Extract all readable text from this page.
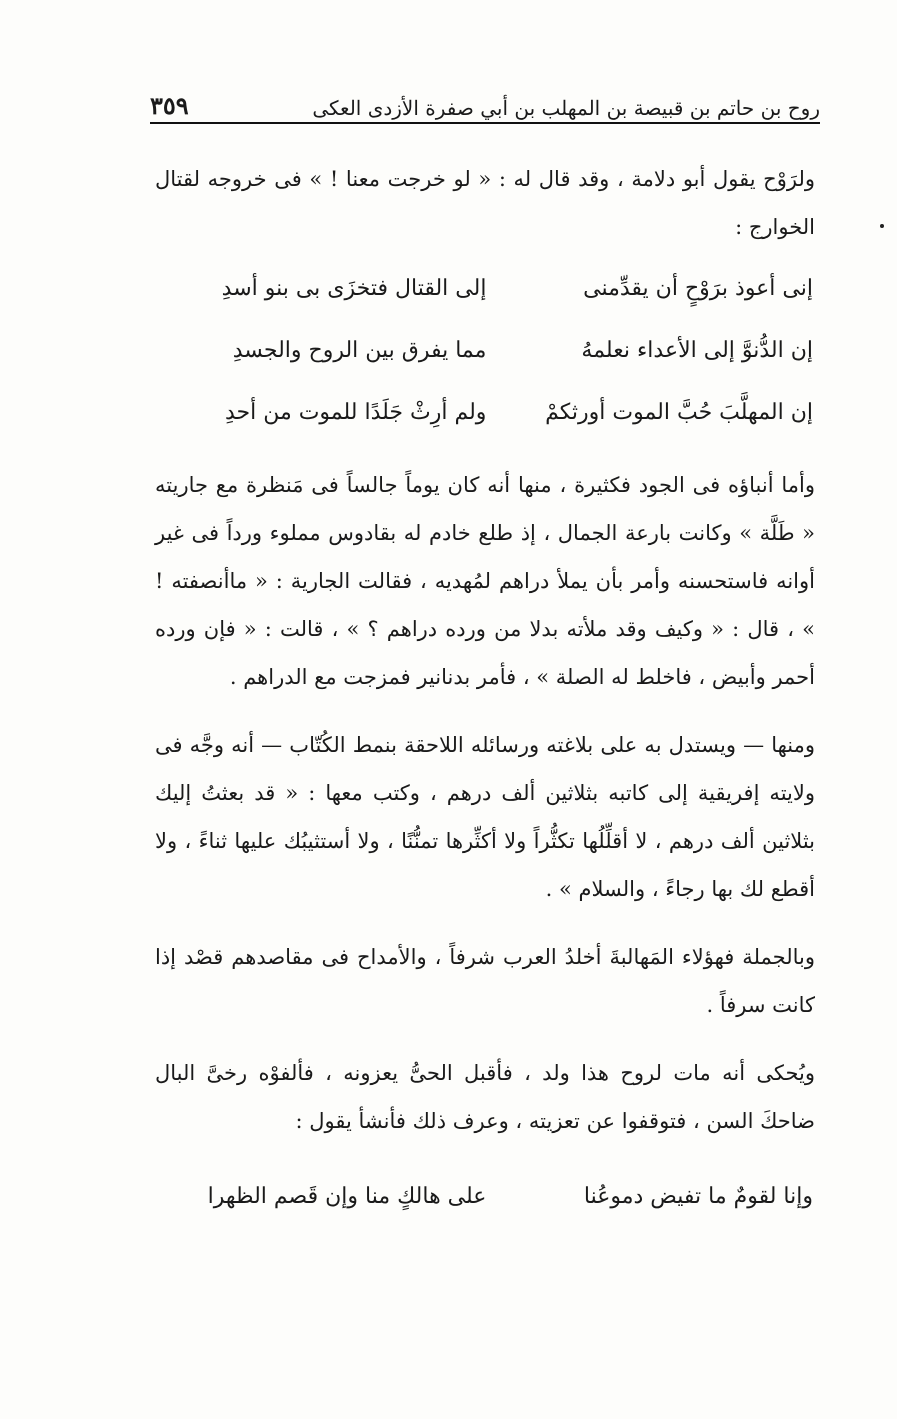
روح بن حاتم بن قبيصة بن المهلب بن أبي صفرة الأزدى العكى
٣٥٩

ولرَوْح يقول أبو دلامة ، وقد قال له : « لو خرجت معنا ! » فى خروجه لقتال الخوارج :

إنى أعوذ برَوْحٍ أن يقدِّمنى
إلى القتال فتخزَى بى بنو أسدِ
إن الدُّنوَّ إلى الأعداء نعلمهُ
مما يفرق بين الروح والجسدِ
إن المهلَّبَ حُبَّ الموت أورثكمْ
ولم أرِثْ جَلَدًا للموت من أحدِ

وأما أنباؤه فى الجود فكثيرة ، منها أنه كان يوماً جالساً فى مَنظرة مع جاريته « طَلَّة » وكانت بارعة الجمال ، إذ طلع خادم له بقادوس مملوء ورداً فى غير أوانه فاستحسنه وأمر بأن يملأ دراهم لمُهديه ، فقالت الجارية : « ماأنصفته ! » ، قال : « وكيف وقد ملأته بدلا من ورده دراهم ؟ » ، قالت : « فإن ورده أحمر وأبيض ، فاخلط له الصلة » ، فأمر بدنانير فمزجت مع الدراهم .

ومنها — ويستدل به على بلاغته ورسائله اللاحقة بنمط الكُتّاب — أنه وجَّه فى ولايته إفريقية إلى كاتبه بثلاثين ألف درهم ، وكتب معها : « قد بعثتُ إليك بثلاثين ألف درهم ، لا أقلِّلُها تكثُّراً ولا أكثِّرها تمنُّنًا ، ولا أستثيبُك عليها ثناءً ، ولا أقطع لك بها رجاءً ، والسلام » .

وبالجملة فهؤلاء المَهالبةَ أخلدُ العرب شرفاً ، والأمداح فى مقاصدهم قصْد إذا كانت سرفاً .

ويُحكى أنه مات لروح هذا ولد ، فأقبل الحىُّ يعزونه ، فألفوْه رخىَّ البال ضاحكَ السن ، فتوقفوا عن تعزيته ، وعرف ذلك فأنشأ يقول :

وإنا لقومٌ ما تفيض دموعُنا
على هالكٍ منا وإن قَصم الظهرا
